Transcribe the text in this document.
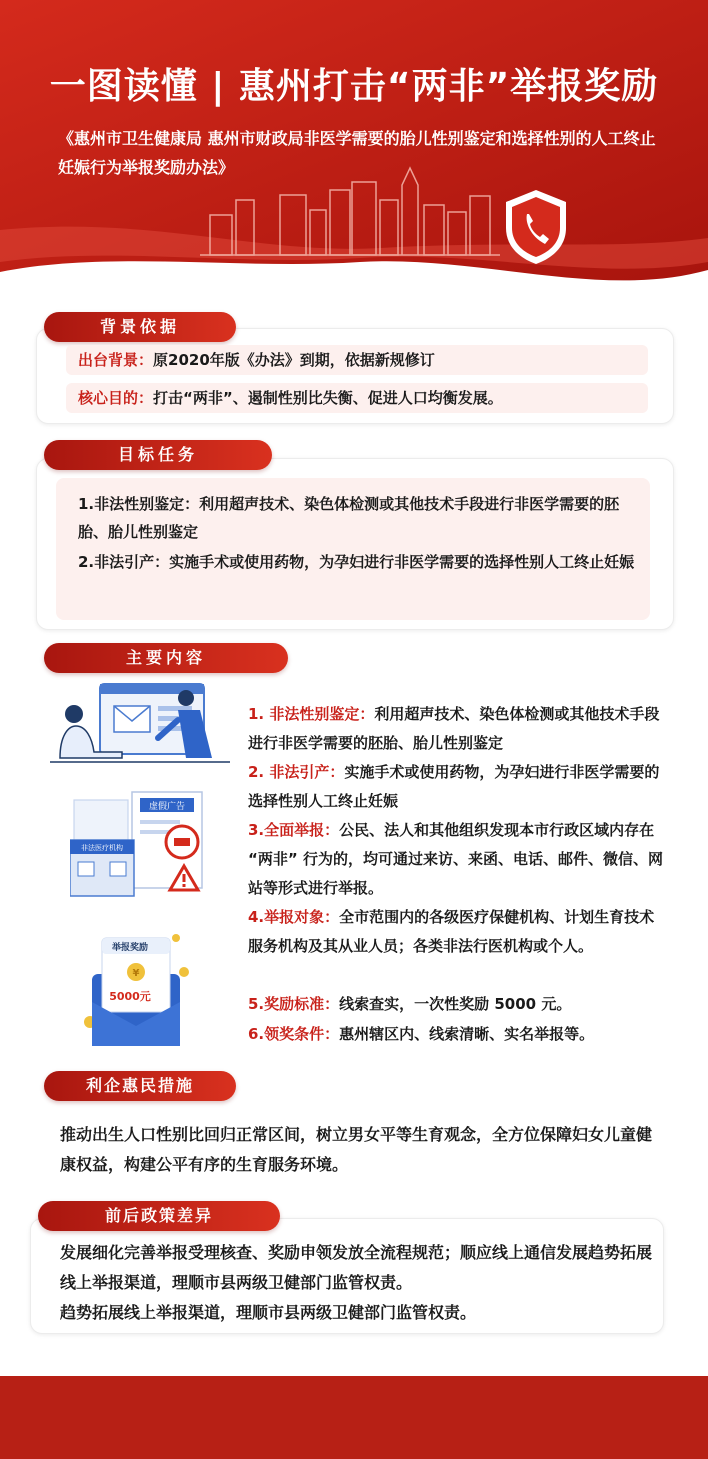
一图读懂 | 惠州打击“两非”举报奖励
《惠州市卫生健康局 惠州市财政局非医学需要的胎儿性别鉴定和选择性别的人工终止妊娠行为举报奖励办法》
背景依据
出台背景：原2020年版《办法》到期，依据新规修订
核心目的：打击“两非”、遏制性别比失衡、促进人口均衡发展。
目标任务
1.非法性别鉴定：利用超声技术、染色体检测或其他技术手段进行非医学需要的胚胎、胎儿性别鉴定
2.非法引产：实施手术或使用药物，为孕妇进行非医学需要的选择性别人工终止妊娠
主要内容
虚假广告
非法医疗机构
举报奖励
¥
5000元
1. 非法性别鉴定：利用超声技术、染色体检测或其他技术手段进行非医学需要的胚胎、胎儿性别鉴定
2. 非法引产：实施手术或使用药物，为孕妇进行非医学需要的选择性别人工终止妊娠
3.全面举报：公民、法人和其他组织发现本市行政区域内存在 “两非” 行为的，均可通过来访、来函、电话、邮件、微信、网站等形式进行举报。
4.举报对象：全市范围内的各级医疗保健机构、计划生育技术服务机构及其从业人员；各类非法行医机构或个人。
5.奖励标准：线索查实，一次性奖励 5000 元。
6.领奖条件：惠州辖区内、线索清晰、实名举报等。
利企惠民措施
推动出生人口性别比回归正常区间，树立男女平等生育观念，全方位保障妇女儿童健康权益，构建公平有序的生育服务环境。
前后政策差异
发展细化完善举报受理核查、奖励申领发放全流程规范；顺应线上通信发展趋势拓展线上举报渠道，理顺市县两级卫健部门监管权责。
趋势拓展线上举报渠道，理顺市县两级卫健部门监管权责。
